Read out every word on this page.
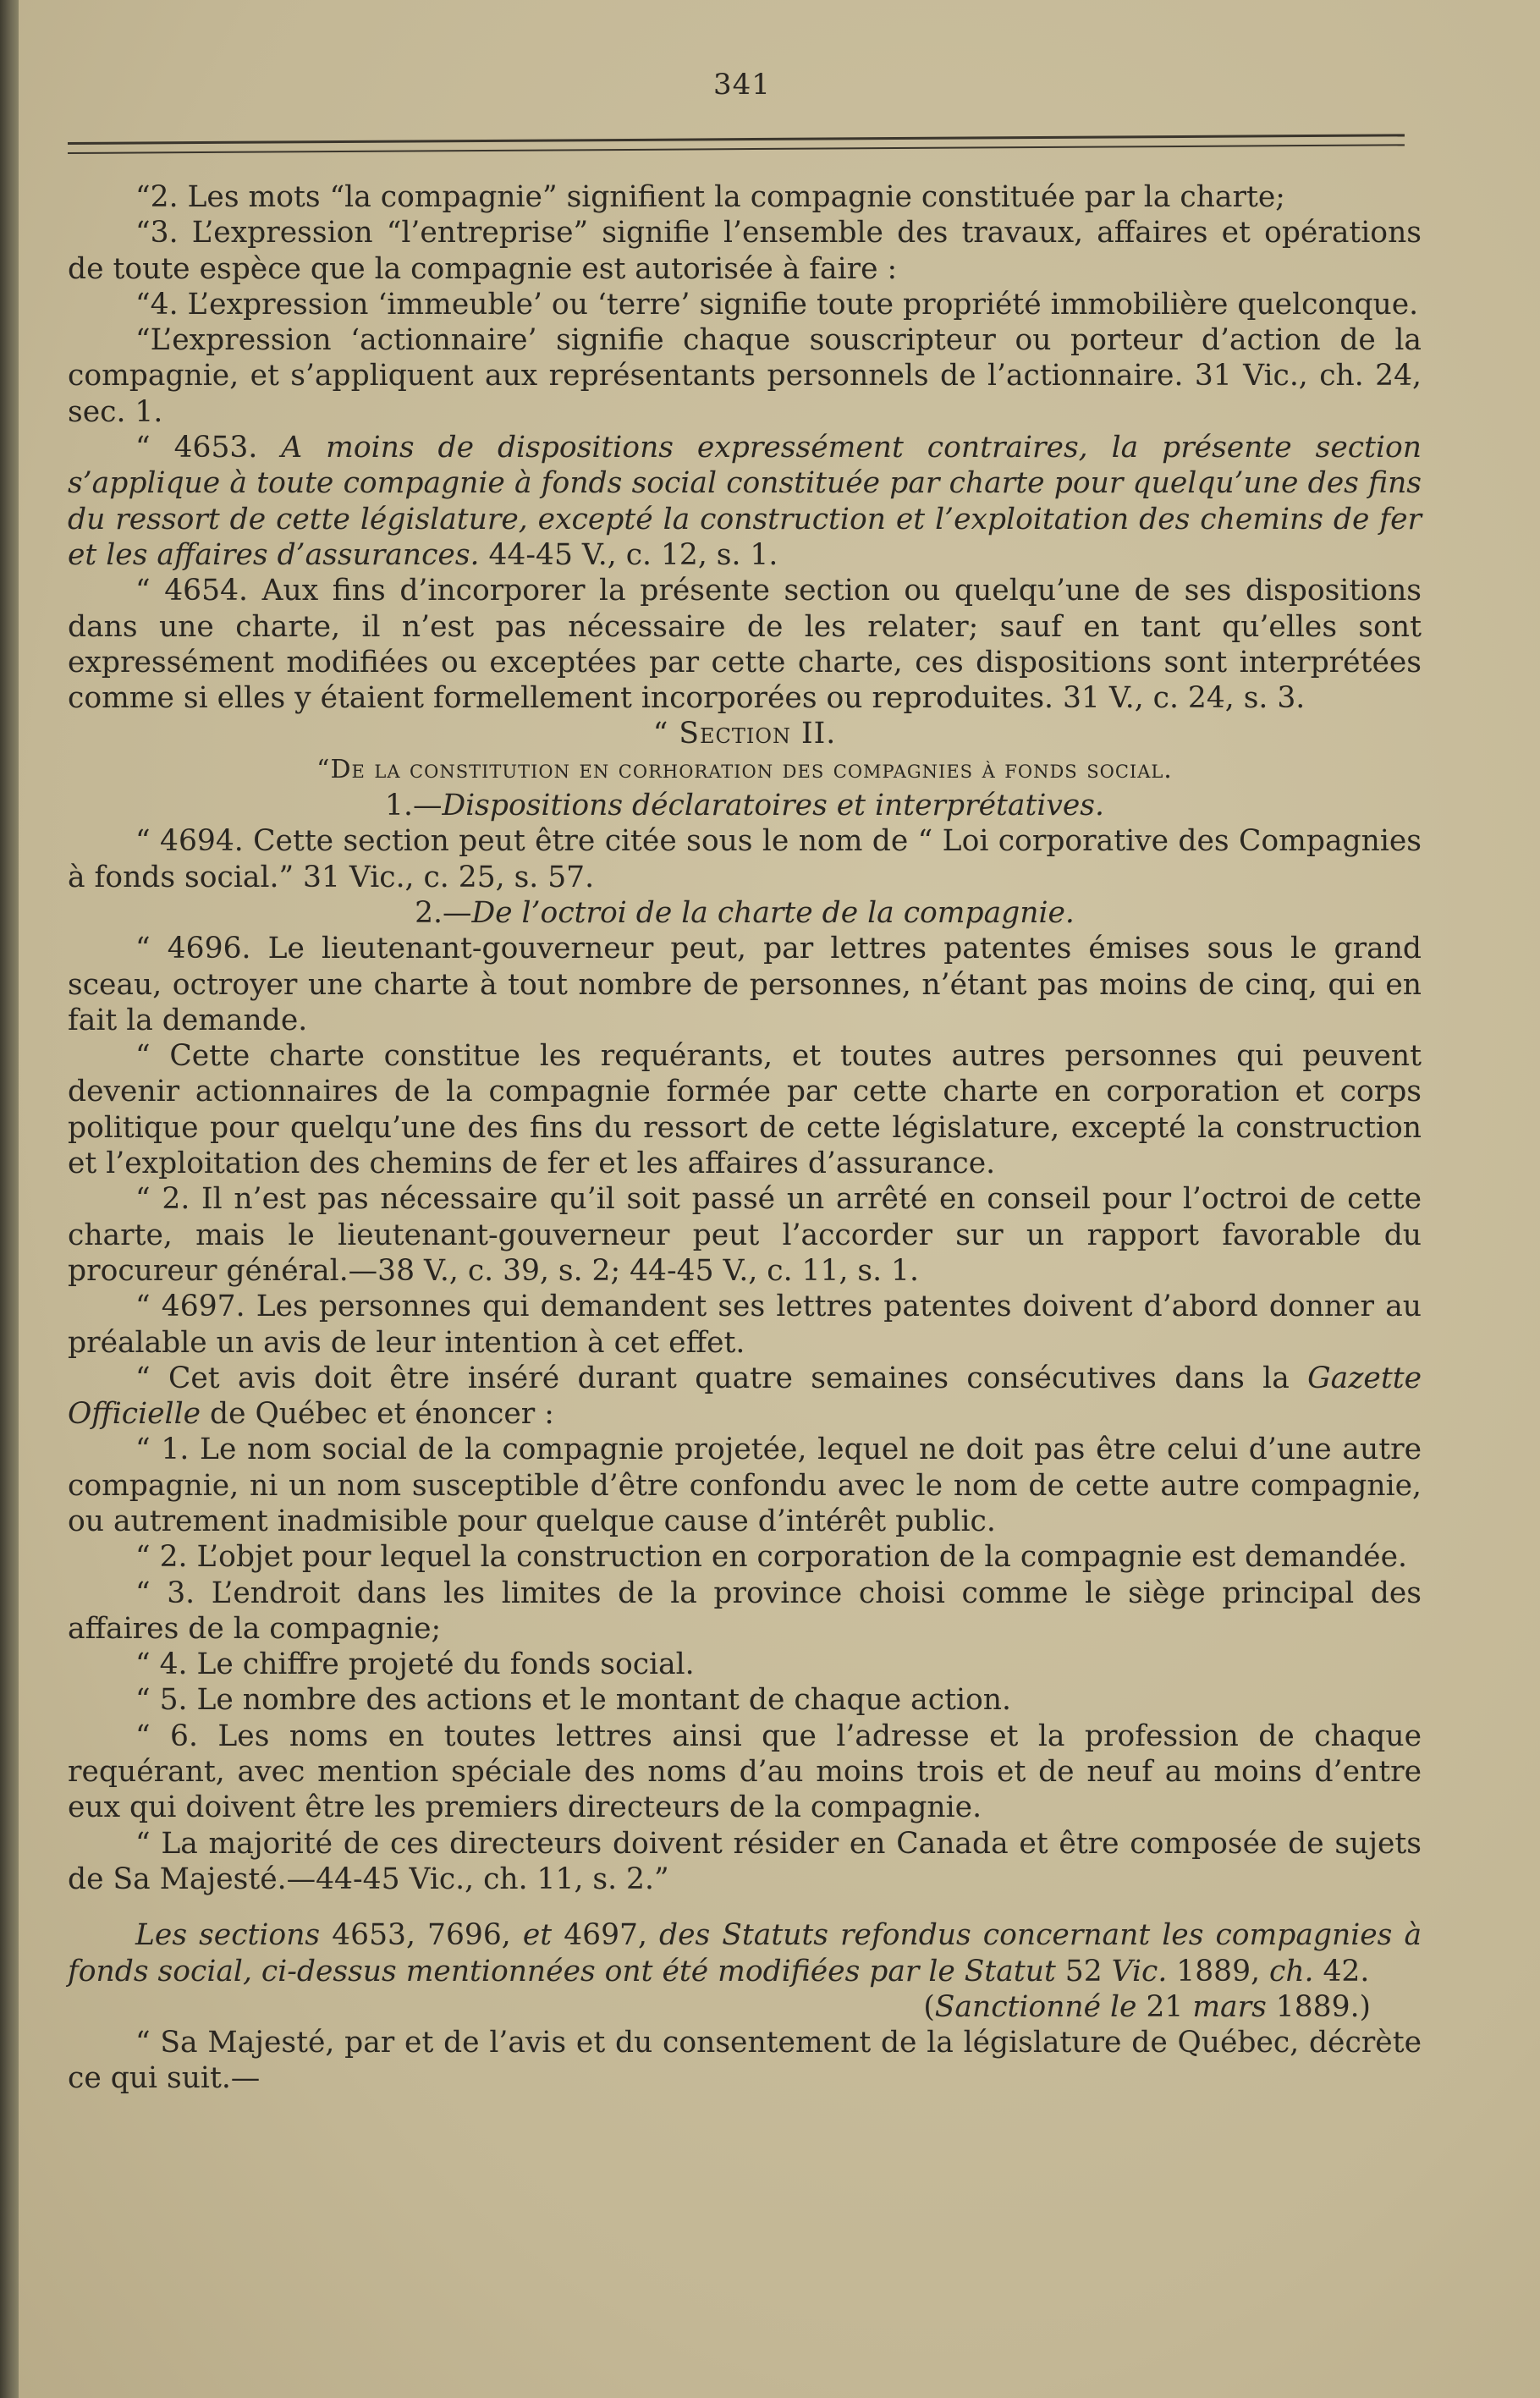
341

“2. Les mots “la compagnie” signifient la compagnie constituée par la charte;

“3. L’expression “l’entreprise” signifie l’ensemble des travaux, affaires et opérations de toute espèce que la compagnie est autorisée à faire :

“4. L’expression ‘immeuble’ ou ‘terre’ signifie toute propriété immobilière quelconque.

“L’expression ‘actionnaire’ signifie chaque souscripteur ou porteur d’action de la compagnie, et s’appliquent aux représentants personnels de l’actionnaire. 31 Vic., ch. 24, sec. 1.

“ 4653. A moins de dispositions expressément contraires, la présente section s’applique à toute compagnie à fonds social constituée par charte pour quelqu’une des fins du ressort de cette législature, excepté la construction et l’exploitation des chemins de fer et les affaires d’assurances. 44-45 V., c. 12, s. 1.

“ 4654. Aux fins d’incorporer la présente section ou quelqu’une de ses dispositions dans une charte, il n’est pas nécessaire de les relater; sauf en tant qu’elles sont expressément modifiées ou exceptées par cette charte, ces dispositions sont interprétées comme si elles y étaient formellement incorporées ou reproduites. 31 V., c. 24, s. 3.

“ Section II.

“De la constitution en corhoration des compagnies à fonds social.

1.—Dispositions déclaratoires et interprétatives.

“ 4694. Cette section peut être citée sous le nom de “ Loi corporative des Compagnies à fonds social.” 31 Vic., c. 25, s. 57.

2.—De l’octroi de la charte de la compagnie.

“ 4696. Le lieutenant-gouverneur peut, par lettres patentes émises sous le grand sceau, octroyer une charte à tout nombre de personnes, n’étant pas moins de cinq, qui en fait la demande.

“ Cette charte constitue les requérants, et toutes autres personnes qui peuvent devenir actionnaires de la compagnie formée par cette charte en corporation et corps politique pour quelqu’une des fins du ressort de cette législature, excepté la construction et l’exploitation des chemins de fer et les affaires d’assurance.

“ 2. Il n’est pas nécessaire qu’il soit passé un arrêté en conseil pour l’octroi de cette charte, mais le lieutenant-gouverneur peut l’accorder sur un rapport favorable du procureur général.—38 V., c. 39, s. 2; 44-45 V., c. 11, s. 1.

“ 4697. Les personnes qui demandent ses lettres patentes doivent d’abord donner au préalable un avis de leur intention à cet effet.

“ Cet avis doit être inséré durant quatre semaines consécutives dans la Gazette Officielle de Québec et énoncer :

“ 1. Le nom social de la compagnie projetée, lequel ne doit pas être celui d’une autre compagnie, ni un nom susceptible d’être confondu avec le nom de cette autre compagnie, ou autrement inadmisible pour quelque cause d’intérêt public.

“ 2. L’objet pour lequel la construction en corporation de la compagnie est demandée.

“ 3. L’endroit dans les limites de la province choisi comme le siège principal des affaires de la compagnie;

“ 4. Le chiffre projeté du fonds social.

“ 5. Le nombre des actions et le montant de chaque action.

“ 6. Les noms en toutes lettres ainsi que l’adresse et la profession de chaque requérant, avec mention spéciale des noms d’au moins trois et de neuf au moins d’entre eux qui doivent être les premiers directeurs de la compagnie.

“ La majorité de ces directeurs doivent résider en Canada et être composée de sujets de Sa Majesté.—44-45 Vic., ch. 11, s. 2.”

Les sections 4653, 7696, et 4697, des Statuts refondus concernant les compagnies à fonds social, ci-dessus mentionnées ont été modifiées par le Statut 52 Vic. 1889, ch. 42.

(Sanctionné le 21 mars 1889.)

“ Sa Majesté, par et de l’avis et du consentement de la législature de Québec, décrète ce qui suit.—
